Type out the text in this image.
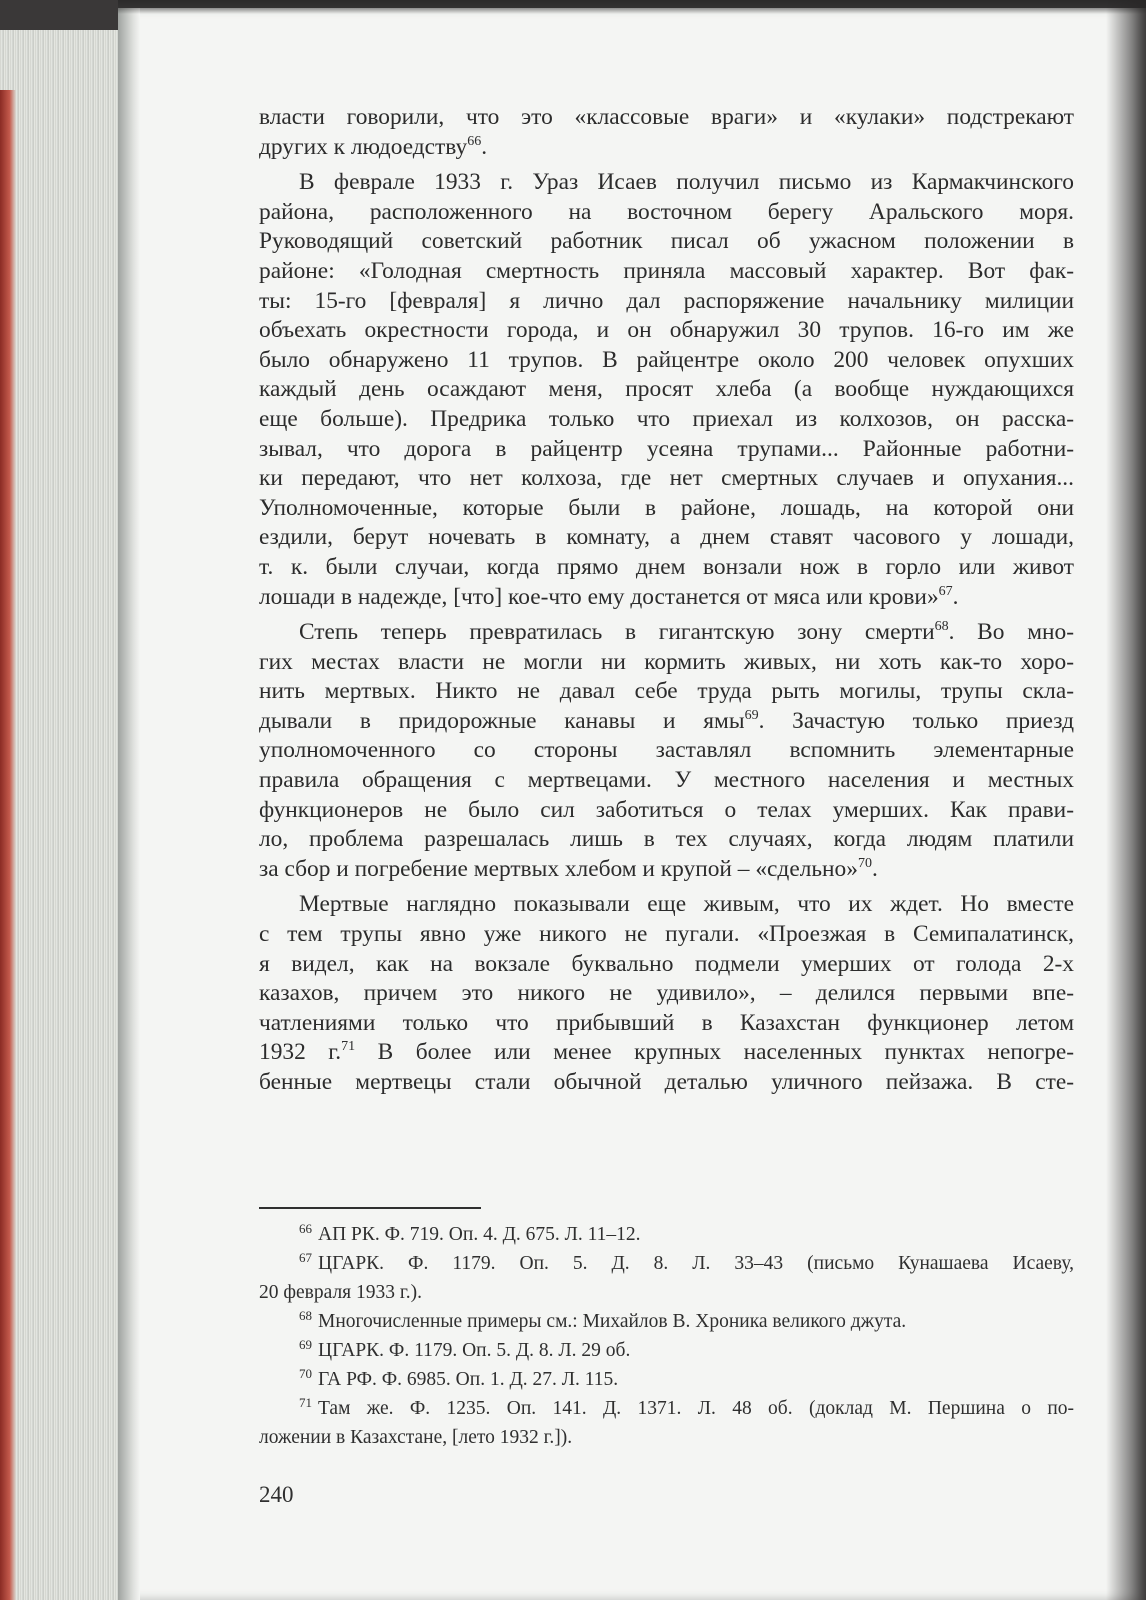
власти говорили, что это «классовые враги» и «кулаки» подстрекают
других к людоедству$^{66}$.
В феврале 1933 г. Ураз Исаев получил письмо из Кармакчинского
района, расположенного на восточном берегу Аральского моря.
Руководящий советский работник писал об ужасном положении в
районе: «Голодная смертность приняла массовый характер. Вот фак-
ты: 15-го [февраля] я лично дал распоряжение начальнику милиции
объехать окрестности города, и он обнаружил 30 трупов. 16-го им же
было обнаружено 11 трупов. В райцентре около 200 человек опухших
каждый день осаждают меня, просят хлеба (а вообще нуждающихся
еще больше). Предрика только что приехал из колхозов, он расска-
зывал, что дорога в райцентр усеяна трупами... Районные работни-
ки передают, что нет колхоза, где нет смертных случаев и опухания...
Уполномоченные, которые были в районе, лошадь, на которой они
ездили, берут ночевать в комнату, а днем ставят часового у лошади,
т. к. были случаи, когда прямо днем вонзали нож в горло или живот
лошади в надежде, [что] кое-что ему достанется от мяса или крови»$^{67}$.
Степь теперь превратилась в гигантскую зону смерти$^{68}$. Во мно-
гих местах власти не могли ни кормить живых, ни хоть как-то хоро-
нить мертвых. Никто не давал себе труда рыть могилы, трупы скла-
дывали в придорожные канавы и ямы$^{69}$. Зачастую только приезд
уполномоченного со стороны заставлял вспомнить элементарные
правила обращения с мертвецами. У местного населения и местных
функционеров не было сил заботиться о телах умерших. Как прави-
ло, проблема разрешалась лишь в тех случаях, когда людям платили
за сбор и погребение мертвых хлебом и крупой – «сдельно»$^{70}$.
Мертвые наглядно показывали еще живым, что их ждет. Но вместе
с тем трупы явно уже никого не пугали. «Проезжая в Семипалатинск,
я видел, как на вокзале буквально подмели умерших от голода 2-х
казахов, причем это никого не удивило», – делился первыми впе-
чатлениями только что прибывший в Казахстан функционер летом
1932 г.$^{71}$ В более или менее крупных населенных пунктах непогре-
бенные мертвецы стали обычной деталью уличного пейзажа. В сте-
$^{66}$ АП РК. Ф. 719. Оп. 4. Д. 675. Л. 11–12.
$^{67}$ ЦГАРК. Ф. 1179. Оп. 5. Д. 8. Л. 33–43 (письмо Кунашаева Исаеву,
20 февраля 1933 г.).
$^{68}$ Многочисленные примеры см.: Михайлов В. Хроника великого джута.
$^{69}$ ЦГАРК. Ф. 1179. Оп. 5. Д. 8. Л. 29 об.
$^{70}$ ГА РФ. Ф. 6985. Оп. 1. Д. 27. Л. 115.
$^{71}$ Там же. Ф. 1235. Оп. 141. Д. 1371. Л. 48 об. (доклад М. Першина о по-
ложении в Казахстане, [лето 1932 г.]).
240
